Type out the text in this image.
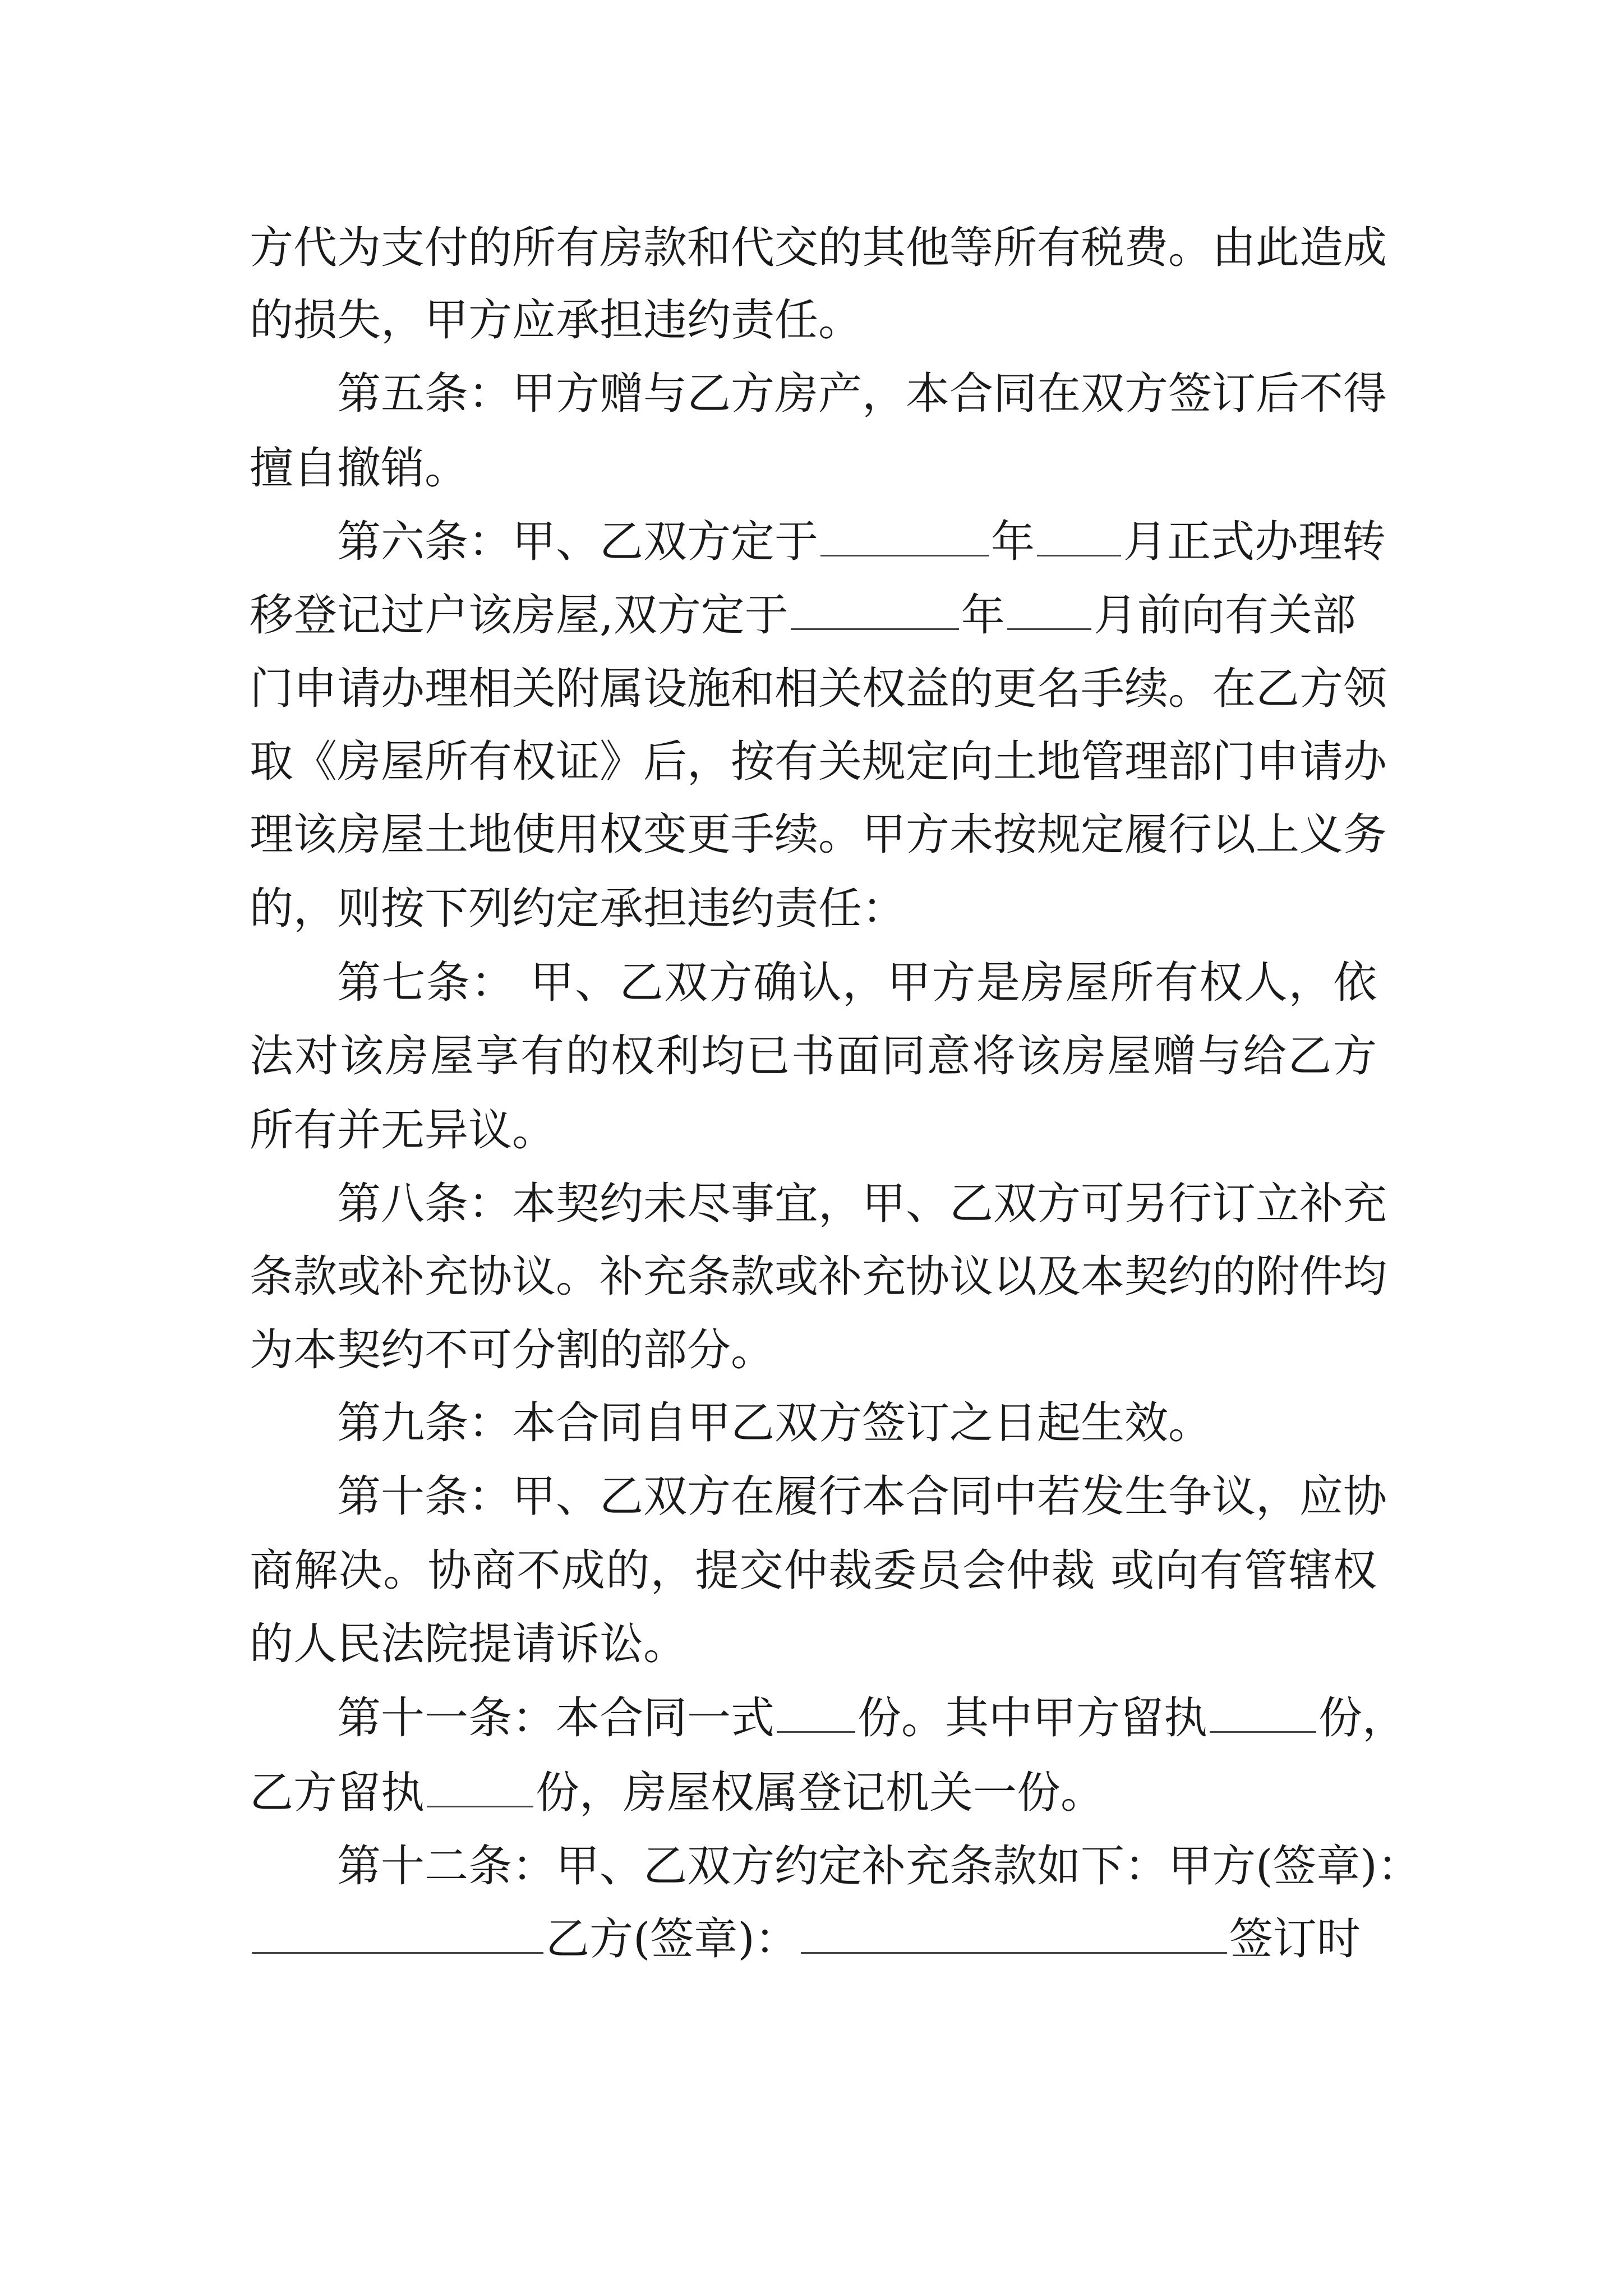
方代为支付的所有房款和代交的其他等所有税费。由此造成
的损失，甲方应承担违约责任。
第五条：甲方赠与乙方房产，本合同在双方签订后不得
擅自撤销。
第六条：甲、乙双方定于	年 月正式办理转
移登记过户该房屋,双方定于	年 月前向有关部
门申请办理相关附属设施和相关权益的更名手续。在乙方领
取《房屋所有权证》后，按有关规定向土地管理部门申请办
理该房屋土地使用权变更手续。甲方未按规定履行以上义务
的，则按下列约定承担违约责任：
第七条： 甲、乙双方确认，甲方是房屋所有权人，依
法对该房屋享有的权利均已书面同意将该房屋赠与给乙方
所有并无异议。
第八条：本契约未尽事宜，甲、乙双方可另行订立补充
条款或补充协议。补充条款或补充协议以及本契约的附件均
为本契约不可分割的部分。
第九条：本合同自甲乙双方签订之日起生效。
第十条：甲、乙双方在履行本合同中若发生争议，应协
商解决。协商不成的，提交仲裁委员会仲裁 或向有管辖权
的人民法院提请诉讼。
第十一条：本合同一式 份。其中甲方留执	份，
乙方留执	份，房屋权属登记机关一份。
第十二条：甲、乙双方约定补充条款如下：甲方(签章)：
乙方(签章)：	签订时
